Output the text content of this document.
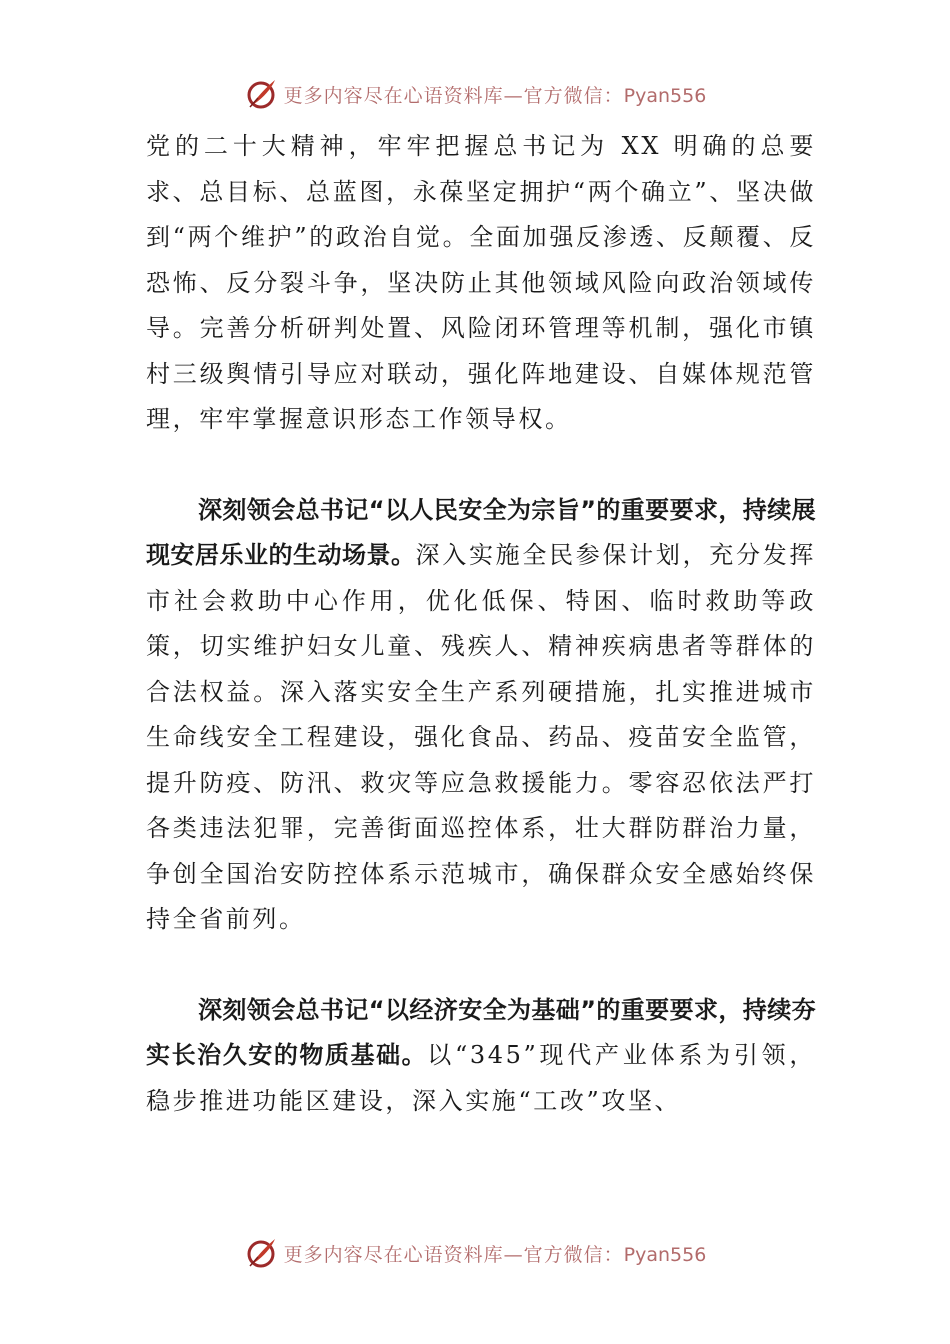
更多内容尽在心语资料库—官方微信：Pyan556

党的二十大精神，牢牢把握总书记为 XX 明确的总要求、总目标、总蓝图，永葆坚定拥护“两个确立”、坚决做到“两个维护”的政治自觉。全面加强反渗透、反颠覆、反恐怖、反分裂斗争，坚决防止其他领域风险向政治领域传导。完善分析研判处置、风险闭环管理等机制，强化市镇村三级舆情引导应对联动，强化阵地建设、自媒体规范管理，牢牢掌握意识形态工作领导权。

深刻领会总书记“以人民安全为宗旨”的重要要求，持续展现安居乐业的生动场景。深入实施全民参保计划，充分发挥市社会救助中心作用，优化低保、特困、临时救助等政策，切实维护妇女儿童、残疾人、精神疾病患者等群体的合法权益。深入落实安全生产系列硬措施，扎实推进城市生命线安全工程建设，强化食品、药品、疫苗安全监管，提升防疫、防汛、救灾等应急救援能力。零容忍依法严打各类违法犯罪，完善街面巡控体系，壮大群防群治力量，争创全国治安防控体系示范城市，确保群众安全感始终保持全省前列。

深刻领会总书记“以经济安全为基础”的重要要求，持续夯实长治久安的物质基础。以“345”现代产业体系为引领，稳步推进功能区建设，深入实施“工改”攻坚、

更多内容尽在心语资料库—官方微信：Pyan556
